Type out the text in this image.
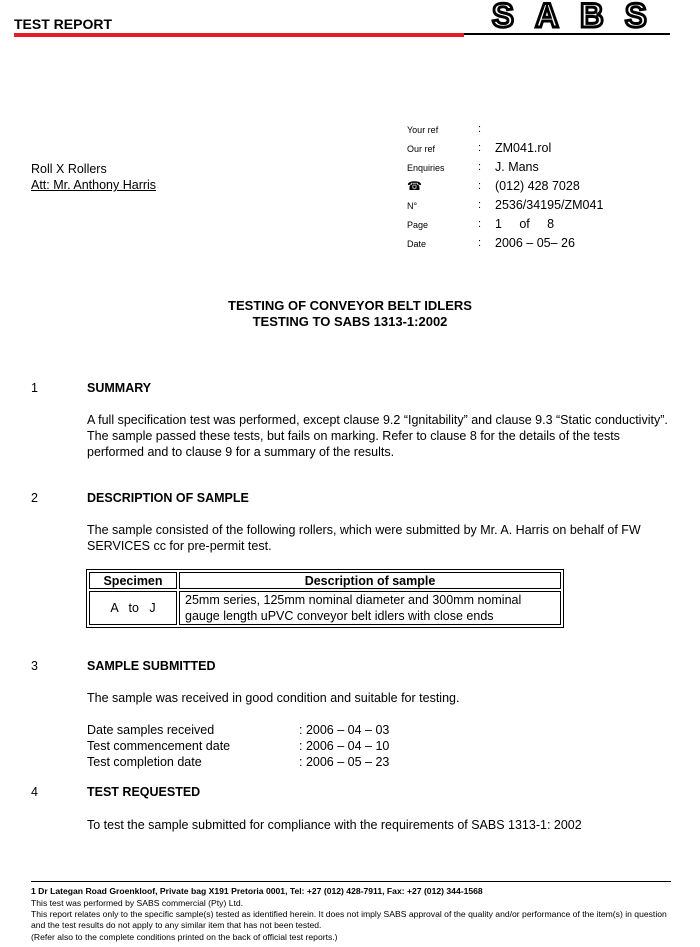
TEST REPORT	SABS
Roll X Rollers
Att: Mr. Anthony Harris
Your ref	:
Our ref	: ZM041.rol
Enquiries	: J. Mans
☎	: (012) 428 7028
N°	: 2536/34195/ZM041
Page	: 1     of     8
Date	: 2006 – 05– 26
TESTING OF CONVEYOR BELT IDLERS
TESTING TO SABS 1313-1:2002
1	SUMMARY
A full specification test was performed, except clause 9.2 “Ignitability” and clause 9.3 “Static conductivity”. The sample passed these tests, but fails on marking. Refer to clause 8 for the details of the tests performed and to clause 9 for a summary of the results.
2	DESCRIPTION OF SAMPLE
The sample consisted of the following rollers, which were submitted by Mr. A. Harris on behalf of FW SERVICES cc for pre-permit test.
Specimen	Description of sample
A   to   J	25mm series, 125mm nominal diameter and 300mm nominal gauge length uPVC conveyor belt idlers with close ends
3	SAMPLE SUBMITTED
The sample was received in good condition and suitable for testing.
Date samples received	: 2006 – 04 – 03
Test commencement date	: 2006 – 04 – 10
Test completion date	: 2006 – 05 – 23
4	TEST REQUESTED
To test the sample submitted for compliance with the requirements of SABS 1313-1: 2002
1 Dr Lategan Road Groenkloof, Private bag X191 Pretoria 0001, Tel: +27 (012) 428-7911, Fax: +27 (012) 344-1568
This test was performed by SABS commercial (Pty) Ltd.
This report relates only to the specific sample(s) tested as identified herein. It does not imply SABS approval of the quality and/or performance of the item(s) in question and the test results do not apply to any similar item that has not been tested.
(Refer also to the complete conditions printed on the back of official test reports.)
